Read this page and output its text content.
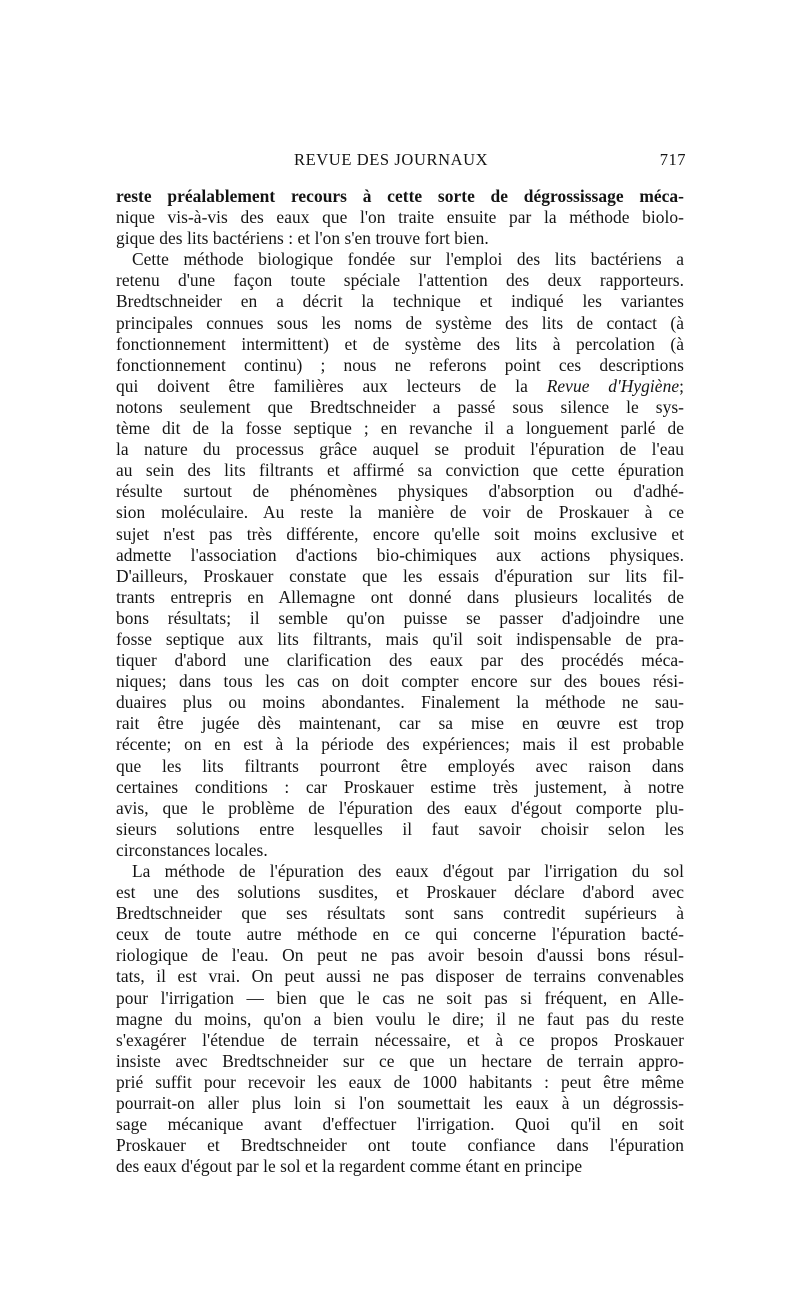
REVUE DES JOURNAUX	717

reste préalablement recours à cette sorte de dégrossissage méca-
nique vis-à-vis des eaux que l'on traite ensuite par la méthode biolo-
gique des lits bactériens : et l'on s'en trouve fort bien.

Cette méthode biologique fondée sur l'emploi des lits bactériens a
retenu d'une façon toute spéciale l'attention des deux rapporteurs.
Bredtschneider en a décrit la technique et indiqué les variantes
principales connues sous les noms de système des lits de contact (à
fonctionnement intermittent) et de système des lits à percolation (à
fonctionnement continu) ; nous ne referons point ces descriptions
qui doivent être familières aux lecteurs de la Revue d'Hygiène;
notons seulement que Bredtschneider a passé sous silence le sys-
tème dit de la fosse septique ; en revanche il a longuement parlé de
la nature du processus grâce auquel se produit l'épuration de l'eau
au sein des lits filtrants et affirmé sa conviction que cette épuration
résulte surtout de phénomènes physiques d'absorption ou d'adhé-
sion moléculaire. Au reste la manière de voir de Proskauer à ce
sujet n'est pas très différente, encore qu'elle soit moins exclusive et
admette l'association d'actions bio-chimiques aux actions physiques.
D'ailleurs, Proskauer constate que les essais d'épuration sur lits fil-
trants entrepris en Allemagne ont donné dans plusieurs localités de
bons résultats; il semble qu'on puisse se passer d'adjoindre une
fosse septique aux lits filtrants, mais qu'il soit indispensable de pra-
tiquer d'abord une clarification des eaux par des procédés méca-
niques; dans tous les cas on doit compter encore sur des boues rési-
duaires plus ou moins abondantes. Finalement la méthode ne sau-
rait être jugée dès maintenant, car sa mise en œuvre est trop
récente; on en est à la période des expériences; mais il est probable
que les lits filtrants pourront être employés avec raison dans
certaines conditions : car Proskauer estime très justement, à notre
avis, que le problème de l'épuration des eaux d'égout comporte plu-
sieurs solutions entre lesquelles il faut savoir choisir selon les
circonstances locales.

La méthode de l'épuration des eaux d'égout par l'irrigation du sol
est une des solutions susdites, et Proskauer déclare d'abord avec
Bredtschneider que ses résultats sont sans contredit supérieurs à
ceux de toute autre méthode en ce qui concerne l'épuration bacté-
riologique de l'eau. On peut ne pas avoir besoin d'aussi bons résul-
tats, il est vrai. On peut aussi ne pas disposer de terrains convenables
pour l'irrigation — bien que le cas ne soit pas si fréquent, en Alle-
magne du moins, qu'on a bien voulu le dire; il ne faut pas du reste
s'exagérer l'étendue de terrain nécessaire, et à ce propos Proskauer
insiste avec Bredtschneider sur ce que un hectare de terrain appro-
prié suffit pour recevoir les eaux de 1000 habitants : peut être même
pourrait-on aller plus loin si l'on soumettait les eaux à un dégrossis-
sage mécanique avant d'effectuer l'irrigation. Quoi qu'il en soit
Proskauer et Bredtschneider ont toute confiance dans l'épuration
des eaux d'égout par le sol et la regardent comme étant en principe
